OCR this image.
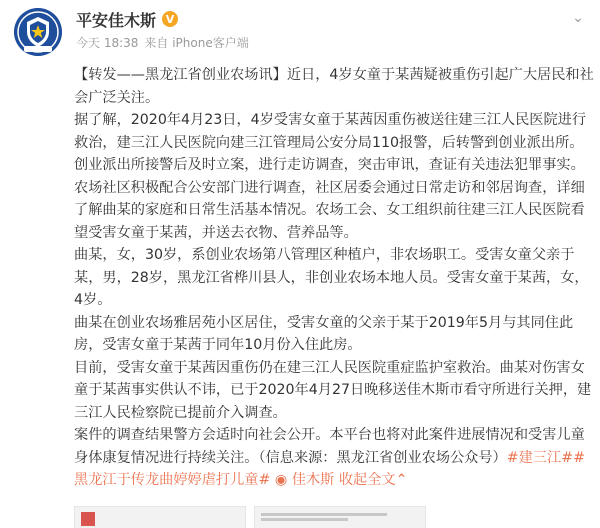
平安佳木斯 V
今天 18:38 来自 iPhone客户端
⌄

【转发——黑龙江省创业农场讯】近日，4岁女童于某茜疑被重伤引起广大居民和社会广泛关注。

据了解，2020年4月23日，4岁受害女童于某茜因重伤被送往建三江人民医院进行救治，建三江人民医院向建三江管理局公安分局110报警，后转警到创业派出所。

创业派出所接警后及时立案，进行走访调查，突击审讯，查证有关违法犯罪事实。农场社区积极配合公安部门进行调查，社区居委会通过日常走访和邻居询查，详细了解曲某的家庭和日常生活基本情况。农场工会、女工组织前往建三江人民医院看望受害女童于某茜，并送去衣物、营养品等。

曲某，女，30岁，系创业农场第八管理区种植户，非农场职工。受害女童父亲于某，男，28岁，黑龙江省桦川县人，非创业农场本地人员。受害女童于某茜，女，4岁。

曲某在创业农场雅居苑小区居住，受害女童的父亲于某于2019年5月与其同住此房，受害女童于某茜于同年10月份入住此房。

目前，受害女童于某茜因重伤仍在建三江人民医院重症监护室救治。曲某对伤害女童于某茜事实供认不讳，已于2020年4月27日晚移送佳木斯市看守所进行关押，建三江人民检察院已提前介入调查。

案件的调查结果警方会适时向社会公开。本平台也将对此案件进展情况和受害儿童身体康复情况进行持续关注。（信息来源：黑龙江省创业农场公众号）#建三江##黑龙江于传龙曲婷婷虐打儿童# ◉ 佳木斯 收起全文⌃
